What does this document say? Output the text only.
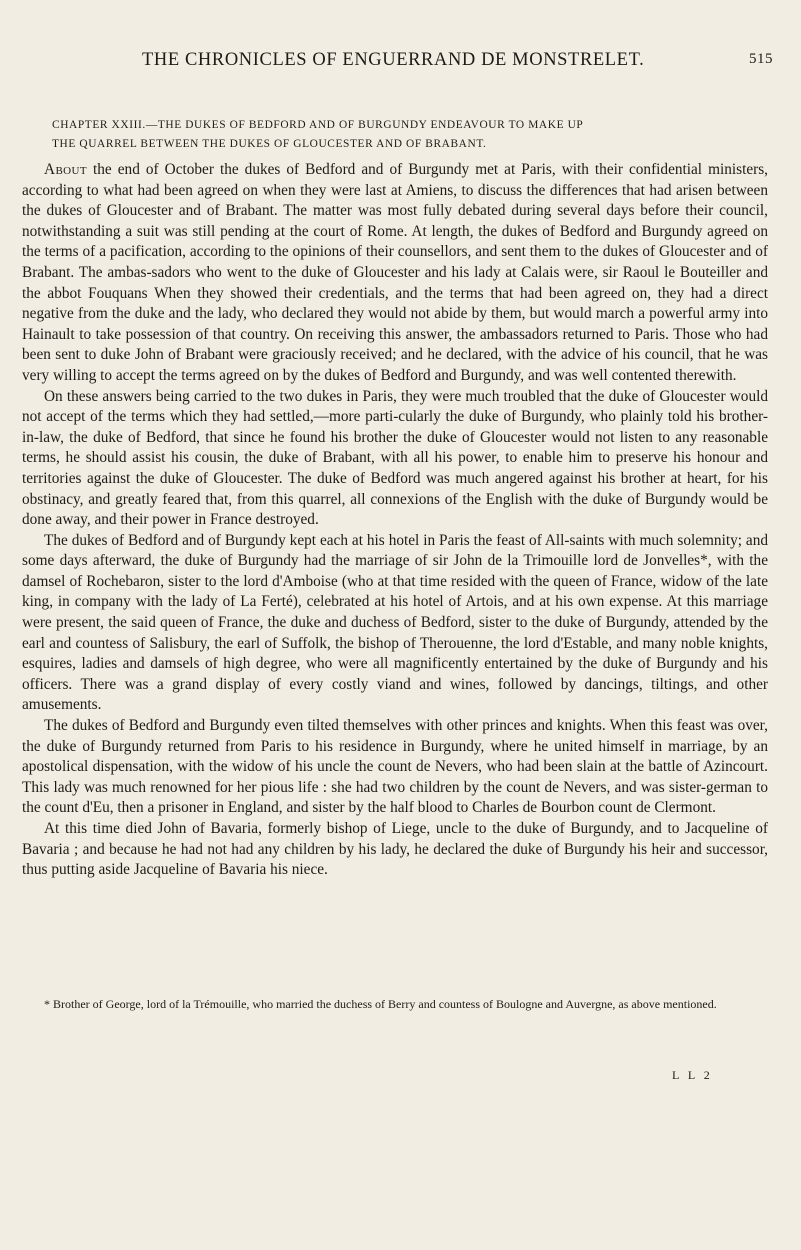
THE CHRONICLES OF ENGUERRAND DE MONSTRELET.	515
CHAPTER XXIII.—THE DUKES OF BEDFORD AND OF BURGUNDY ENDEAVOUR TO MAKE UP
THE QUARREL BETWEEN THE DUKES OF GLOUCESTER AND OF BRABANT.

About the end of October the dukes of Bedford and of Burgundy met at Paris, with their confidential ministers, according to what had been agreed on when they were last at Amiens, to discuss the differences that had arisen between the dukes of Gloucester and of Brabant. The matter was most fully debated during several days before their council, notwithstanding a suit was still pending at the court of Rome. At length, the dukes of Bedford and Burgundy agreed on the terms of a pacification, according to the opinions of their counsellors, and sent them to the dukes of Gloucester and of Brabant. The ambas-sadors who went to the duke of Gloucester and his lady at Calais were, sir Raoul le Bouteiller and the abbot Fouquans When they showed their credentials, and the terms that had been agreed on, they had a direct negative from the duke and the lady, who declared they would not abide by them, but would march a powerful army into Hainault to take possession of that country. On receiving this answer, the ambassadors returned to Paris. Those who had been sent to duke John of Brabant were graciously received; and he declared, with the advice of his council, that he was very willing to accept the terms agreed on by the dukes of Bedford and Burgundy, and was well contented therewith.

On these answers being carried to the two dukes in Paris, they were much troubled that the duke of Gloucester would not accept of the terms which they had settled,—more parti-cularly the duke of Burgundy, who plainly told his brother-in-law, the duke of Bedford, that since he found his brother the duke of Gloucester would not listen to any reasonable terms, he should assist his cousin, the duke of Brabant, with all his power, to enable him to preserve his honour and territories against the duke of Gloucester. The duke of Bedford was much angered against his brother at heart, for his obstinacy, and greatly feared that, from this quarrel, all connexions of the English with the duke of Burgundy would be done away, and their power in France destroyed.

The dukes of Bedford and of Burgundy kept each at his hotel in Paris the feast of All-saints with much solemnity; and some days afterward, the duke of Burgundy had the marriage of sir John de la Trimouille lord de Jonvelles*, with the damsel of Rochebaron, sister to the lord d'Amboise (who at that time resided with the queen of France, widow of the late king, in company with the lady of La Ferté), celebrated at his hotel of Artois, and at his own expense. At this marriage were present, the said queen of France, the duke and duchess of Bedford, sister to the duke of Burgundy, attended by the earl and countess of Salisbury, the earl of Suffolk, the bishop of Therouenne, the lord d'Estable, and many noble knights, esquires, ladies and damsels of high degree, who were all magnificently entertained by the duke of Burgundy and his officers. There was a grand display of every costly viand and wines, followed by dancings, tiltings, and other amusements.

The dukes of Bedford and Burgundy even tilted themselves with other princes and knights. When this feast was over, the duke of Burgundy returned from Paris to his residence in Burgundy, where he united himself in marriage, by an apostolical dispensation, with the widow of his uncle the count de Nevers, who had been slain at the battle of Azincourt. This lady was much renowned for her pious life : she had two children by the count de Nevers, and was sister-german to the count d'Eu, then a prisoner in England, and sister by the half blood to Charles de Bourbon count de Clermont.

At this time died John of Bavaria, formerly bishop of Liege, uncle to the duke of Burgundy, and to Jacqueline of Bavaria ; and because he had not had any children by his lady, he declared the duke of Burgundy his heir and successor, thus putting aside Jacqueline of Bavaria his niece.

* Brother of George, lord of la Trémouille, who married the duchess of Berry and countess of Boulogne and Auvergne, as above mentioned.

L L 2
